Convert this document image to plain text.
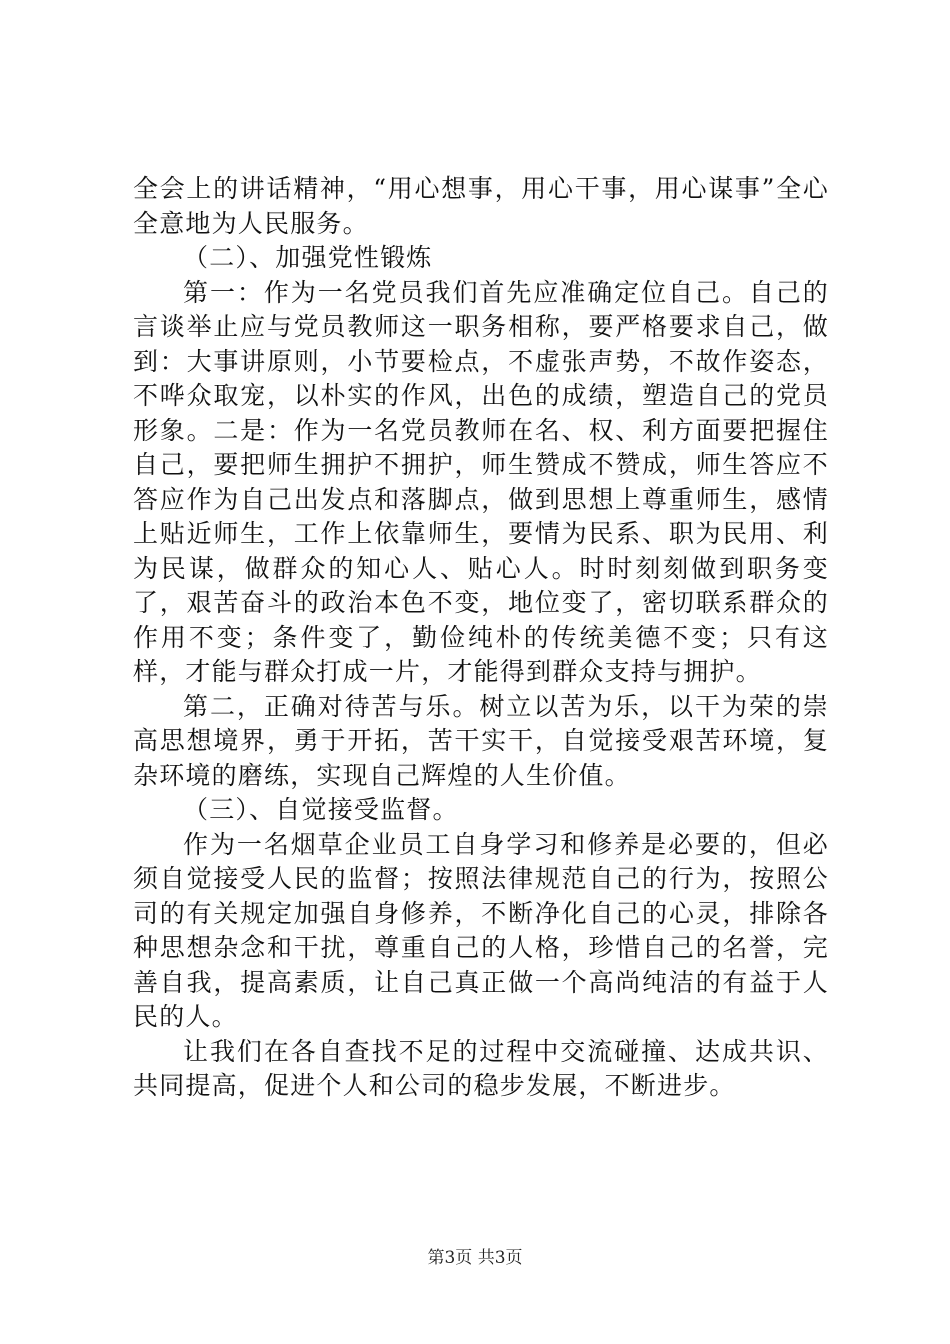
全会上的讲话精神，“用心想事，用心干事，用心谋事”全心全意地为人民服务。

（二）、加强党性锻炼

第一：作为一名党员我们首先应准确定位自己。自己的言谈举止应与党员教师这一职务相称，要严格要求自己，做到：大事讲原则，小节要检点，不虚张声势，不故作姿态，不哗众取宠，以朴实的作风，出色的成绩，塑造自己的党员形象。二是：作为一名党员教师在名、权、利方面要把握住自己，要把师生拥护不拥护，师生赞成不赞成，师生答应不答应作为自己出发点和落脚点，做到思想上尊重师生，感情上贴近师生，工作上依靠师生，要情为民系、职为民用、利为民谋，做群众的知心人、贴心人。时时刻刻做到职务变了，艰苦奋斗的政治本色不变，地位变了，密切联系群众的作用不变；条件变了，勤俭纯朴的传统美德不变；只有这样，才能与群众打成一片，才能得到群众支持与拥护。

第二，正确对待苦与乐。树立以苦为乐，以干为荣的崇高思想境界，勇于开拓，苦干实干，自觉接受艰苦环境，复杂环境的磨练，实现自己辉煌的人生价值。

（三）、自觉接受监督。

作为一名烟草企业员工自身学习和修养是必要的，但必须自觉接受人民的监督；按照法律规范自己的行为，按照公司的有关规定加强自身修养，不断净化自己的心灵，排除各种思想杂念和干扰，尊重自己的人格，珍惜自己的名誉，完善自我，提高素质，让自己真正做一个高尚纯洁的有益于人民的人。

让我们在各自查找不足的过程中交流碰撞、达成共识、共同提高，促进个人和公司的稳步发展，不断进步。

第3页 共3页
